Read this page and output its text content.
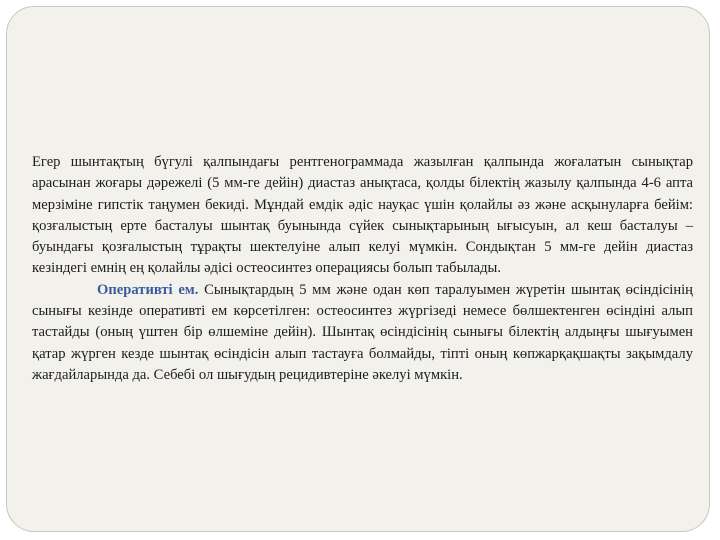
Егер шынтақтың бүгулі қалпындағы рентгенограммада жазылған қалпында жоғалатын сынықтар арасынан жоғары дәрежелі (5 мм-ге дейін) диастаз анықтаса, қолды білектің жазылу қалпында 4-6 апта мерзіміне гипстік таңумен бекиді. Мұндай емдік әдіс науқас үшін қолайлы əз жəне асқынуларға бейім: қозғалыстың ерте басталуы шынтақ буынында сүйек сынықтарының ығысуын, ал кеш басталуы – буындағы қозғалыстың тұрақты шектелуіне алып келуі мүмкін. Сондықтан 5 мм-ге дейін диастаз кезіндегі емнің ең қолайлы əдісі остеосинтез операциясы болып табылады.

Оперативті ем. Сынықтардың 5 мм және одан көп таралуымен жүретін шынтақ өсіндісінің сынығы кезінде оперативті ем көрсетілген: остеосинтез жүргізеді немесе бөлшектенген өсіндіні алып тастайды (оның үштен бір өлшеміне дейін). Шынтақ өсіндісінің сынығы білектің алдыңғы шығуымен қатар жүрген кезде шынтақ өсіндісін алып тастауға болмайды, тіпті оның көпжарқақшақты зақымдалу жағдайларында да. Себебі ол шығудың рецидивтеріне әкелуі мүмкін.
